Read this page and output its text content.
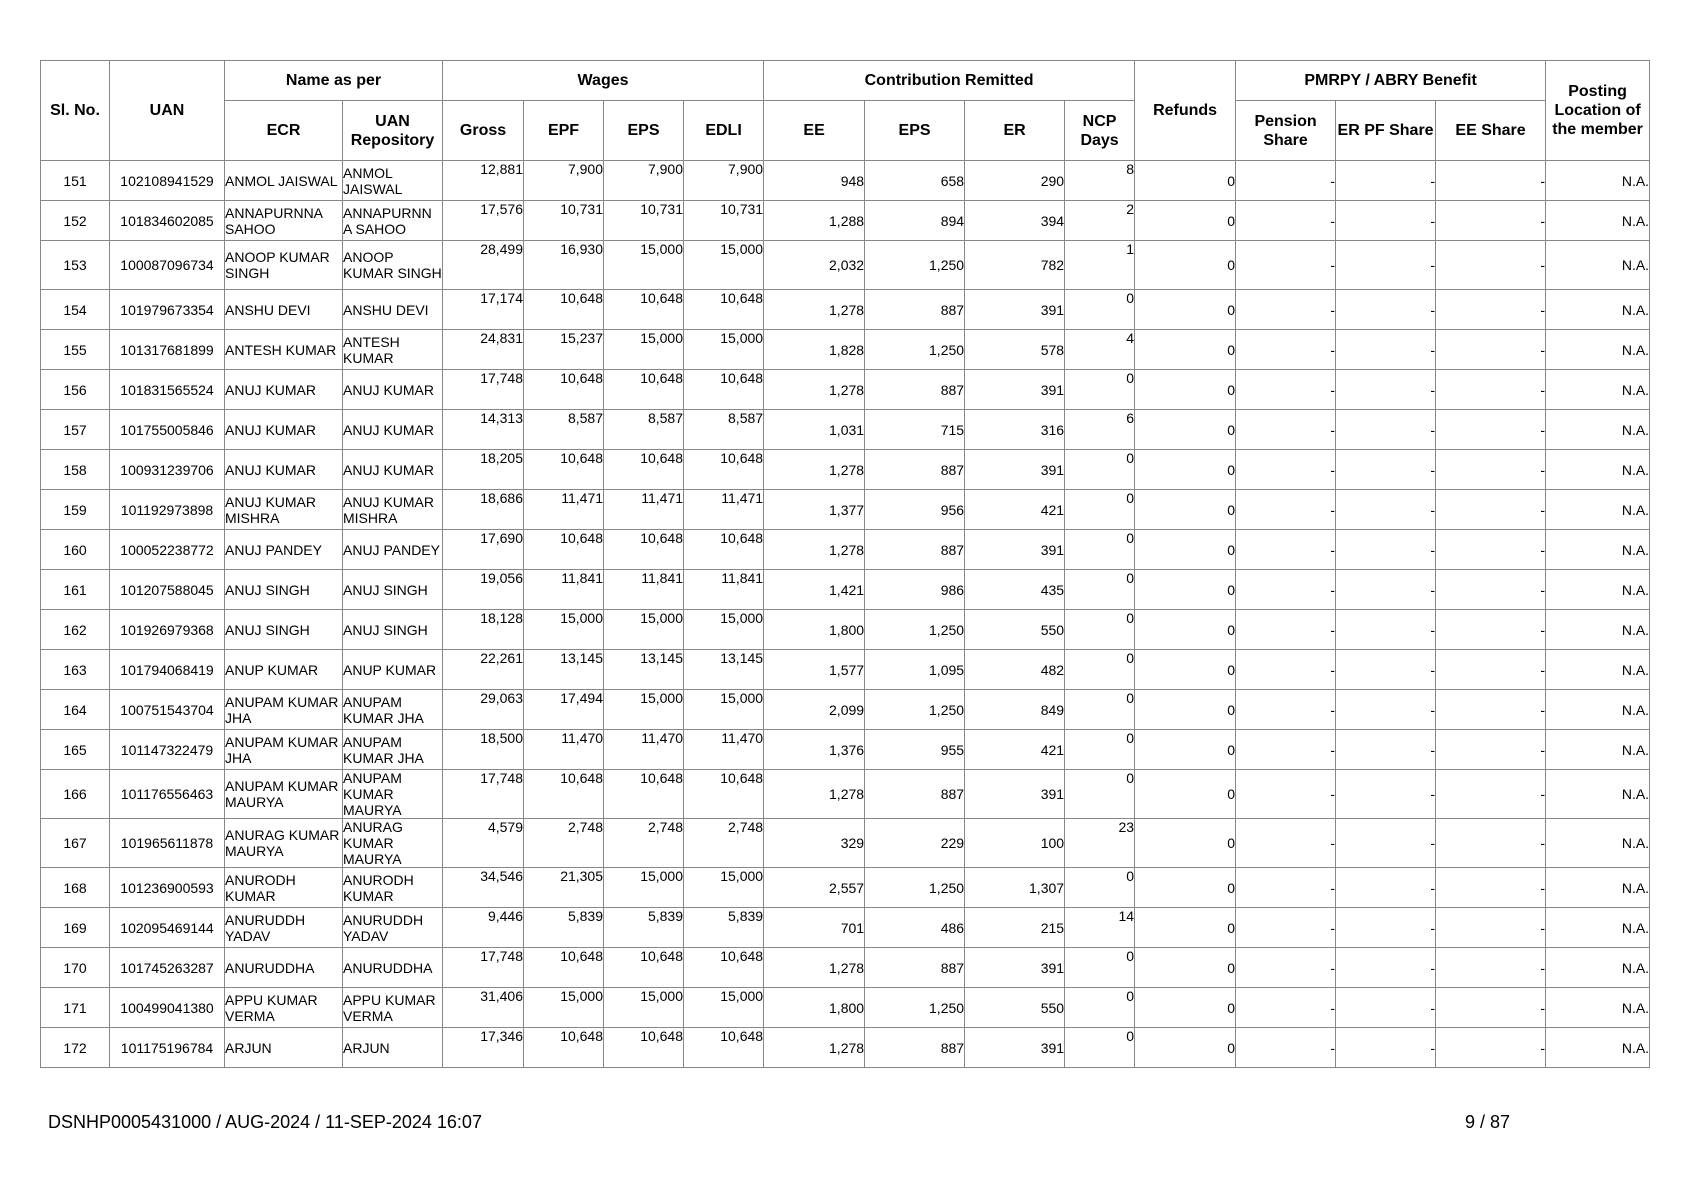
Sl. No.	UAN	Name as per		Wages				Contribution Remitted				Refunds	PMRPY / ABRY Benefit			Posting Location of the member
		ECR	UAN Repository	Gross	EPF	EPS	EDLI	EE	EPS	ER	NCP Days		Pension Share	ER PF Share	EE Share	
151	102108941529	ANMOL JAISWAL	ANMOL JAISWAL	12,881	7,900	7,900	7,900	948	658	290	8	0	-	-	-	N.A.
152	101834602085	ANNAPURNNA SAHOO	ANNAPURNN A SAHOO	17,576	10,731	10,731	10,731	1,288	894	394	2	0	-	-	-	N.A.
153	100087096734	ANOOP KUMAR SINGH	ANOOP KUMAR SINGH	28,499	16,930	15,000	15,000	2,032	1,250	782	1	0	-	-	-	N.A.
154	101979673354	ANSHU DEVI	ANSHU DEVI	17,174	10,648	10,648	10,648	1,278	887	391	0	0	-	-	-	N.A.
155	101317681899	ANTESH KUMAR	ANTESH KUMAR	24,831	15,237	15,000	15,000	1,828	1,250	578	4	0	-	-	-	N.A.
156	101831565524	ANUJ KUMAR	ANUJ KUMAR	17,748	10,648	10,648	10,648	1,278	887	391	0	0	-	-	-	N.A.
157	101755005846	ANUJ KUMAR	ANUJ KUMAR	14,313	8,587	8,587	8,587	1,031	715	316	6	0	-	-	-	N.A.
158	100931239706	ANUJ KUMAR	ANUJ KUMAR	18,205	10,648	10,648	10,648	1,278	887	391	0	0	-	-	-	N.A.
159	101192973898	ANUJ KUMAR MISHRA	ANUJ KUMAR MISHRA	18,686	11,471	11,471	11,471	1,377	956	421	0	0	-	-	-	N.A.
160	100052238772	ANUJ PANDEY	ANUJ PANDEY	17,690	10,648	10,648	10,648	1,278	887	391	0	0	-	-	-	N.A.
161	101207588045	ANUJ SINGH	ANUJ SINGH	19,056	11,841	11,841	11,841	1,421	986	435	0	0	-	-	-	N.A.
162	101926979368	ANUJ SINGH	ANUJ SINGH	18,128	15,000	15,000	15,000	1,800	1,250	550	0	0	-	-	-	N.A.
163	101794068419	ANUP KUMAR	ANUP KUMAR	22,261	13,145	13,145	13,145	1,577	1,095	482	0	0	-	-	-	N.A.
164	100751543704	ANUPAM KUMAR JHA	ANUPAM KUMAR JHA	29,063	17,494	15,000	15,000	2,099	1,250	849	0	0	-	-	-	N.A.
165	101147322479	ANUPAM KUMAR JHA	ANUPAM KUMAR JHA	18,500	11,470	11,470	11,470	1,376	955	421	0	0	-	-	-	N.A.
166	101176556463	ANUPAM KUMAR MAURYA	ANUPAM KUMAR MAURYA	17,748	10,648	10,648	10,648	1,278	887	391	0	0	-	-	-	N.A.
167	101965611878	ANURAG KUMAR MAURYA	ANURAG KUMAR MAURYA	4,579	2,748	2,748	2,748	329	229	100	23	0	-	-	-	N.A.
168	101236900593	ANURODH KUMAR	ANURODH KUMAR	34,546	21,305	15,000	15,000	2,557	1,250	1,307	0	0	-	-	-	N.A.
169	102095469144	ANURUDDH YADAV	ANURUDDH YADAV	9,446	5,839	5,839	5,839	701	486	215	14	0	-	-	-	N.A.
170	101745263287	ANURUDDHA	ANURUDDHA	17,748	10,648	10,648	10,648	1,278	887	391	0	0	-	-	-	N.A.
171	100499041380	APPU KUMAR VERMA	APPU KUMAR VERMA	31,406	15,000	15,000	15,000	1,800	1,250	550	0	0	-	-	-	N.A.
172	101175196784	ARJUN	ARJUN	17,346	10,648	10,648	10,648	1,278	887	391	0	0	-	-	-	N.A.
DSNHP0005431000 / AUG-2024 / 11-SEP-2024 16:07	9 / 87
